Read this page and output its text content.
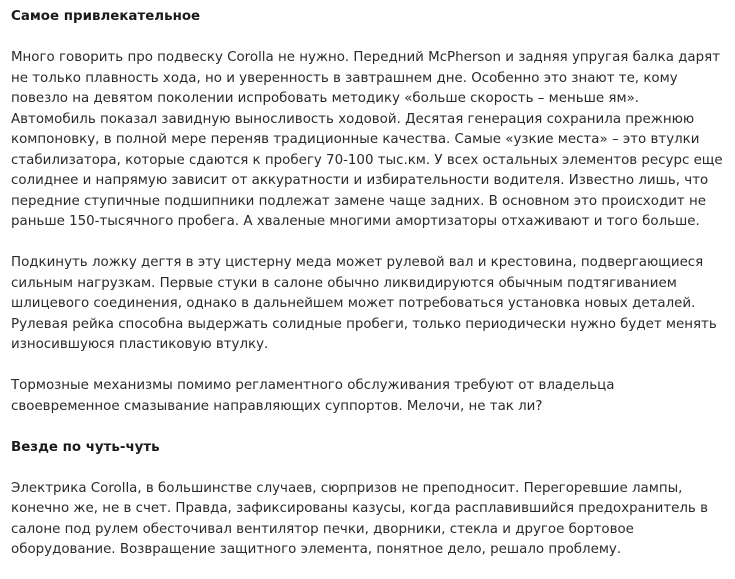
Самое привлекательное

Много говорить про подвеску Corolla не нужно. Передний McPherson и задняя упругая балка дарят не только плавность хода, но и уверенность в завтрашнем дне. Особенно это знают те, кому повезло на девятом поколении испробовать методику «больше скорость – меньше ям». Автомобиль показал завидную выносливость ходовой. Десятая генерация сохранила прежнюю компоновку, в полной мере переняв традиционные качества. Самые «узкие места» – это втулки стабилизатора, которые сдаются к пробегу 70-100 тыс.км. У всех остальных элементов ресурс еще солиднее и напрямую зависит от аккуратности и избирательности водителя. Известно лишь, что передние ступичные подшипники подлежат замене чаще задних. В основном это происходит не раньше 150-тысячного пробега. А хваленые многими амортизаторы отхаживают и того больше.

Подкинуть ложку дегтя в эту цистерну меда может рулевой вал и крестовина, подвергающиеся сильным нагрузкам. Первые стуки в салоне обычно ликвидируются обычным подтягиванием шлицевого соединения, однако в дальнейшем может потребоваться установка новых деталей. Рулевая рейка способна выдержать солидные пробеги, только периодически нужно будет менять износившуюся пластиковую втулку.

Тормозные механизмы помимо регламентного обслуживания требуют от владельца своевременное смазывание направляющих суппортов. Мелочи, не так ли?

Везде по чуть-чуть

Электрика Corolla, в большинстве случаев, сюрпризов не преподносит. Перегоревшие лампы, конечно же, не в счет. Правда, зафиксированы казусы, когда расплавившийся предохранитель в салоне под рулем обесточивал вентилятор печки, дворники, стекла и другое бортовое оборудование. Возвращение защитного элемента, понятное дело, решало проблему.
